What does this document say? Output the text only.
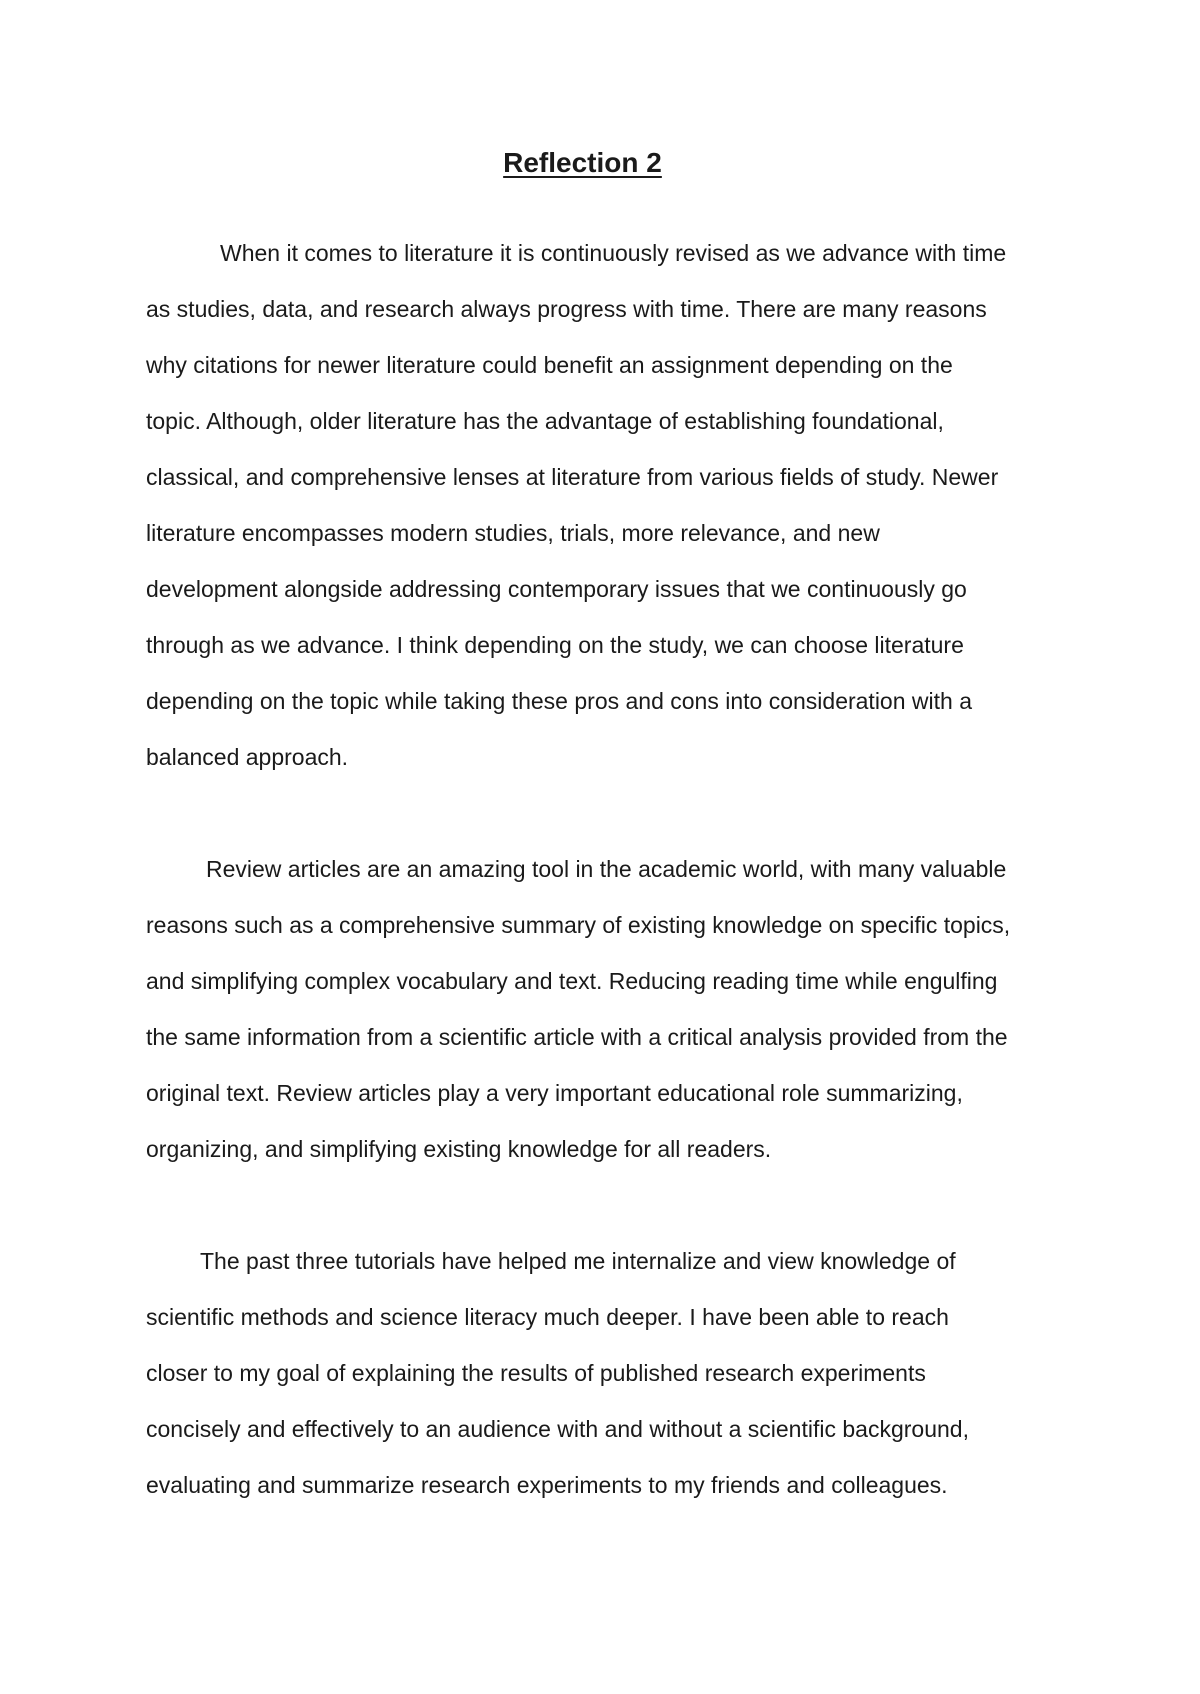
Reflection 2
When it comes to literature it is continuously revised as we advance with time
as studies, data, and research always progress with time. There are many reasons
why citations for newer literature could benefit an assignment depending on the
topic. Although, older literature has the advantage of establishing foundational,
classical, and comprehensive lenses at literature from various fields of study. Newer
literature encompasses modern studies, trials, more relevance, and new
development alongside addressing contemporary issues that we continuously go
through as we advance. I think depending on the study, we can choose literature
depending on the topic while taking these pros and cons into consideration with a
balanced approach.
Review articles are an amazing tool in the academic world, with many valuable
reasons such as a comprehensive summary of existing knowledge on specific topics,
and simplifying complex vocabulary and text. Reducing reading time while engulfing
the same information from a scientific article with a critical analysis provided from the
original text. Review articles play a very important educational role summarizing,
organizing, and simplifying existing knowledge for all readers.
The past three tutorials have helped me internalize and view knowledge of
scientific methods and science literacy much deeper. I have been able to reach
closer to my goal of explaining the results of published research experiments
concisely and effectively to an audience with and without a scientific background,
evaluating and summarize research experiments to my friends and colleagues.
